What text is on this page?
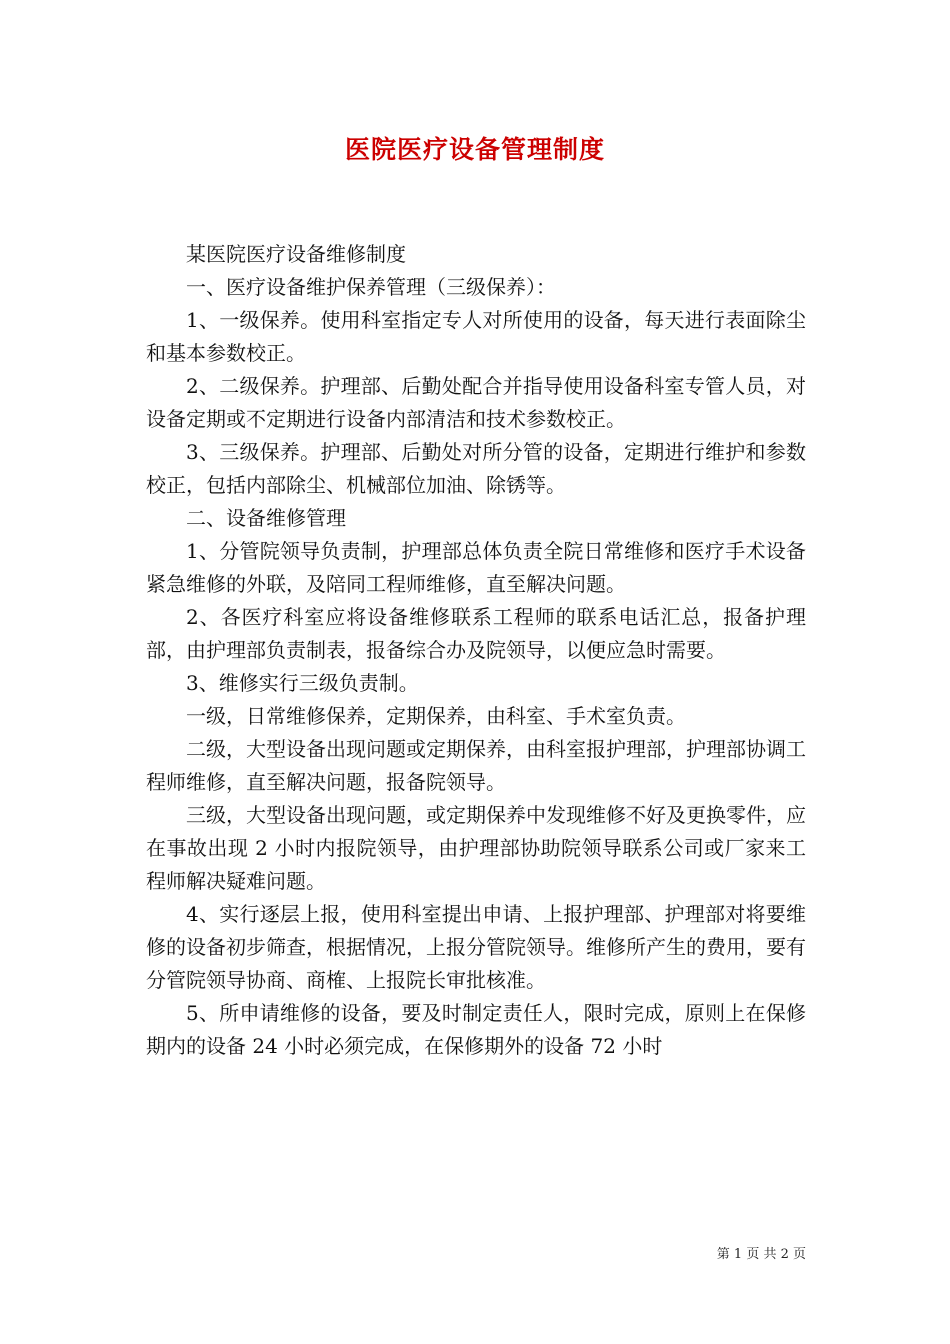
医院医疗设备管理制度

某医院医疗设备维修制度

一、医疗设备维护保养管理（三级保养）：

1、一级保养。使用科室指定专人对所使用的设备，每天进行表面除尘和基本参数校正。

2、二级保养。护理部、后勤处配合并指导使用设备科室专管人员，对设备定期或不定期进行设备内部清洁和技术参数校正。

3、三级保养。护理部、后勤处对所分管的设备，定期进行维护和参数校正，包括内部除尘、机械部位加油、除锈等。

二、设备维修管理

1、分管院领导负责制，护理部总体负责全院日常维修和医疗手术设备紧急维修的外联，及陪同工程师维修，直至解决问题。

2、各医疗科室应将设备维修联系工程师的联系电话汇总，报备护理部，由护理部负责制表，报备综合办及院领导，以便应急时需要。

3、维修实行三级负责制。

一级，日常维修保养，定期保养，由科室、手术室负责。

二级，大型设备出现问题或定期保养，由科室报护理部，护理部协调工程师维修，直至解决问题，报备院领导。

三级，大型设备出现问题，或定期保养中发现维修不好及更换零件，应在事故出现 2 小时内报院领导，由护理部协助院领导联系公司或厂家来工程师解决疑难问题。

4、实行逐层上报，使用科室提出申请、上报护理部、护理部对将要维修的设备初步筛查，根据情况，上报分管院领导。维修所产生的费用，要有分管院领导协商、商榷、上报院长审批核准。

5、所申请维修的设备，要及时制定责任人，限时完成，原则上在保修期内的设备 24 小时必须完成，在保修期外的设备 72 小时

第 1 页 共 2 页
